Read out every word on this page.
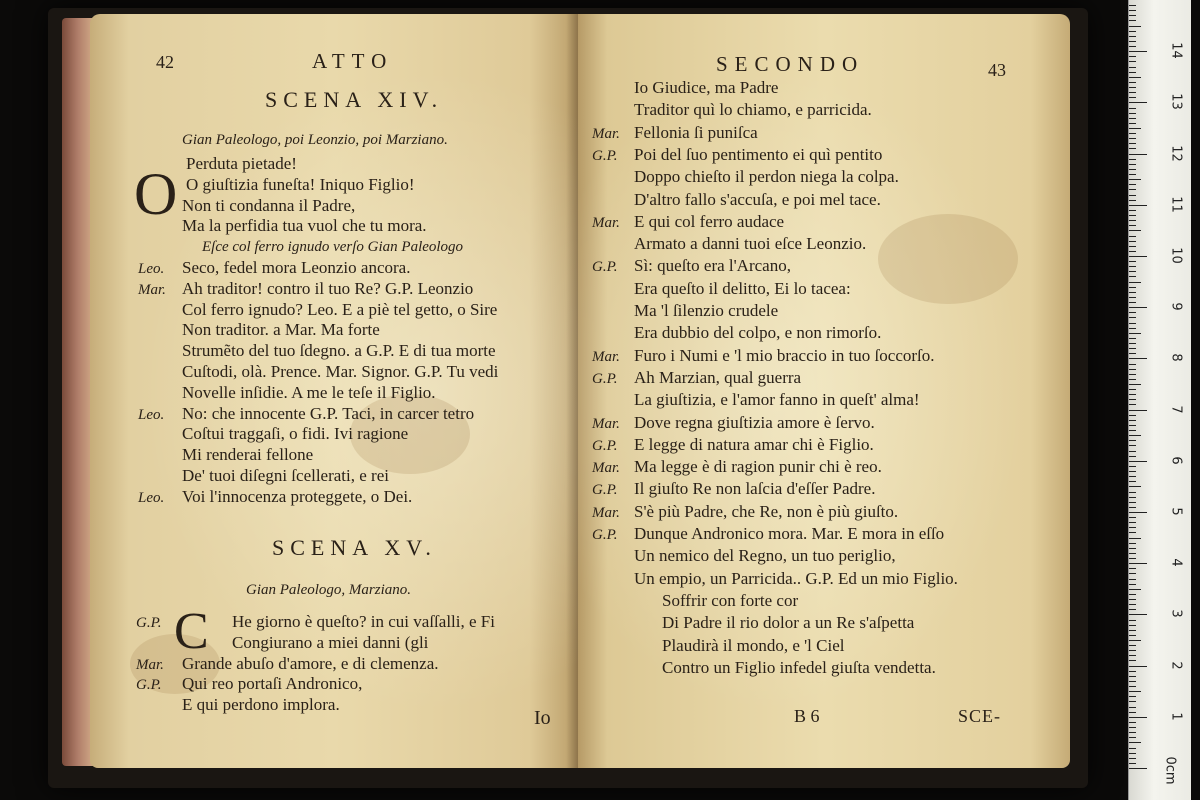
42	ATTO
SCENA XIV.
Gian Paleologo, poi Leonzio, poi Marziano.
O Perduta pietade!
O giuſtizia funeſta! Iniquo Figlio!
Non ti condanna il Padre,
Ma la perfidia tua vuol che tu mora.
Eſce col ferro ignudo verſo Gian Paleologo
Leo. Seco, fedel mora Leonzio ancora.
Mar. Ah traditor! contro il tuo Re? G.P. Leonzio
Col ferro ignudo? Leo. E a piè tel getto, o Sire
Non traditor. a Mar. Ma forte
Strumẽto del tuo ſdegno. a G.P. E di tua morte
Cuſtodi, olà. Prence. Mar. Signor. G.P. Tu vedi
Novelle inſidie. A me le teſe il Figlio.
Leo. No: che innocente G.P. Taci, in carcer tetro
Coſtui traggaſi, o fidi. Ivi ragione
Mi renderai fellone
De' tuoi diſegni ſcellerati, e rei
Leo. Voi l'innocenza proteggete, o Dei.
SCENA XV.
Gian Paleologo, Marziano.
C
G.P.	He giorno è queſto? in cui vaſſalli, e Fi
Congiurano a miei danni (gli
Mar. Grande abuſo d'amore, e di clemenza.
G.P. Qui reo portaſi Andronico,
E qui perdono implora.
Io
SECONDO	43
Io Giudice, ma Padre
Traditor quì lo chiamo, e parricida.
Mar. Fellonia ſi puniſca
G.P. Poi del ſuo pentimento ei quì pentito
Doppo chieſto il perdon niega la colpa.
D'altro fallo s'accuſa, e poi mel tace.
Mar. E qui col ferro audace
Armato a danni tuoi eſce Leonzio.
G.P. Sì: queſto era l'Arcano,
Era queſto il delitto, Ei lo tacea:
Ma 'l ſilenzio crudele
Era dubbio del colpo, e non rimorſo.
Mar. Furo i Numi e 'l mio braccio in tuo ſoccorſo.
G.P. Ah Marzian, qual guerra
La giuſtizia, e l'amor fanno in queſt' alma!
Mar. Dove regna giuſtizia amore è ſervo.
G.P. E legge di natura amar chi è Figlio.
Mar. Ma legge è di ragion punir chi è reo.
G.P. Il giuſto Re non laſcia d'eſſer Padre.
Mar. S'è più Padre, che Re, non è più giuſto.
G.P. Dunque Andronico mora. Mar. E mora in eſſo
Un nemico del Regno, un tuo periglio,
Un empio, un Parricida.. G.P. Ed un mio Figlio.
Soffrir con forte cor
Di Padre il rio dolor a un Re s'aſpetta
Plaudirà il mondo, e 'l Ciel
Contro un Figlio infedel giuſta vendetta.
B 6	SCE-
0cm
1
2
3
4
5
6
7
8
9
10
11
12
13
14
